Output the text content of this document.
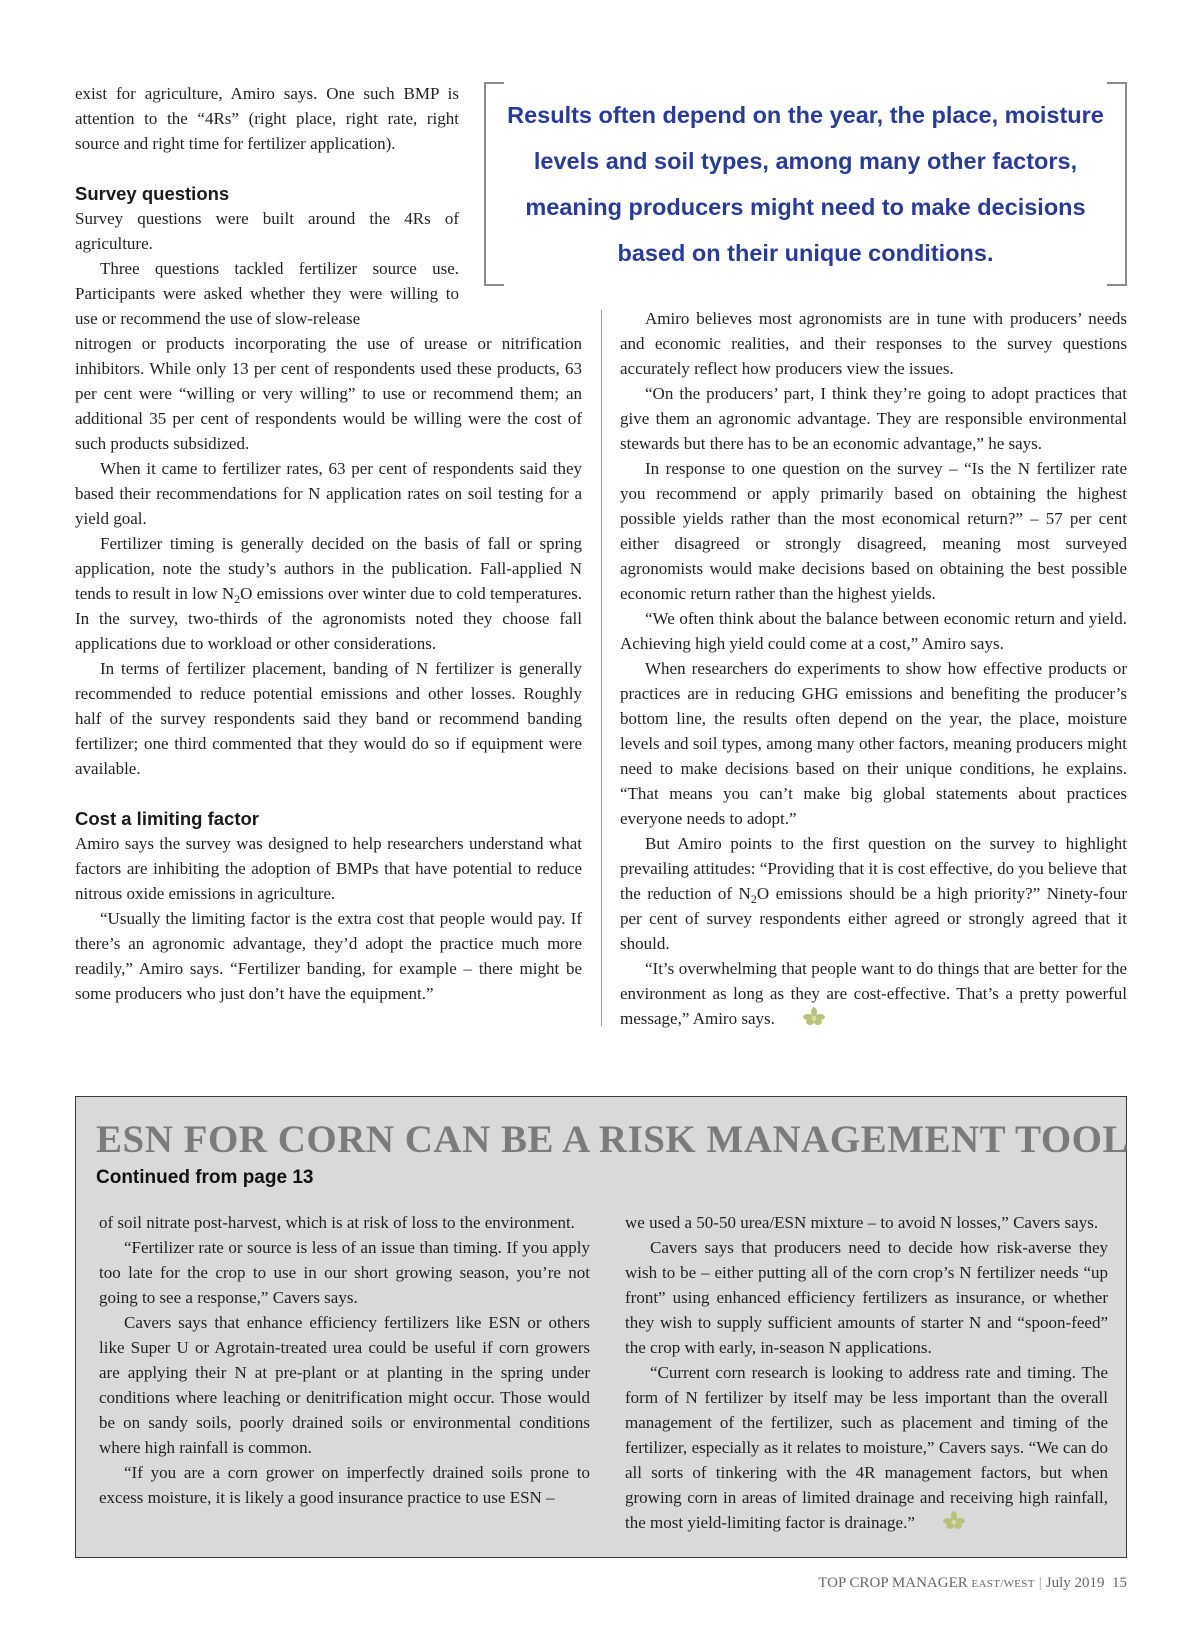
Results often depend on the year, the place, moisture levels and soil types, among many other factors, meaning producers might need to make decisions based on their unique conditions.

exist for agriculture, Amiro says. One such BMP is attention to the “4Rs” (right place, right rate, right source and right time for fertilizer application).

Survey questions

Survey questions were built around the 4Rs of agriculture.

Three questions tackled fertilizer source use. Participants were asked whether they were willing to use or recommend the use of slow-release

nitrogen or products incorporating the use of urease or nitrification inhibitors. While only 13 per cent of respondents used these products, 63 per cent were “willing or very willing” to use or recommend them; an additional 35 per cent of respondents would be willing were the cost of such products subsidized.

When it came to fertilizer rates, 63 per cent of respondents said they based their recommendations for N application rates on soil testing for a yield goal.

Fertilizer timing is generally decided on the basis of fall or spring application, note the study’s authors in the publication. Fall-applied N tends to result in low $N_2O$ emissions over winter due to cold temperatures. In the survey, two-thirds of the agronomists noted they choose fall applications due to workload or other considerations.

In terms of fertilizer placement, banding of N fertilizer is generally recommended to reduce potential emissions and other losses. Roughly half of the survey respondents said they band or recommend banding fertilizer; one third commented that they would do so if equipment were available.

Cost a limiting factor

Amiro says the survey was designed to help researchers understand what factors are inhibiting the adoption of BMPs that have potential to reduce nitrous oxide emissions in agriculture.

“Usually the limiting factor is the extra cost that people would pay. If there’s an agronomic advantage, they’d adopt the practice much more readily,” Amiro says. “Fertilizer banding, for example – there might be some producers who just don’t have the equipment.”

Amiro believes most agronomists are in tune with producers’ needs and economic realities, and their responses to the survey questions accurately reflect how producers view the issues.

“On the producers’ part, I think they’re going to adopt practices that give them an agronomic advantage. They are responsible environmental stewards but there has to be an economic advantage,” he says.

In response to one question on the survey – “Is the N fertilizer rate you recommend or apply primarily based on obtaining the highest possible yields rather than the most economical return?” – 57 per cent either disagreed or strongly disagreed, meaning most surveyed agronomists would make decisions based on obtaining the best possible economic return rather than the highest yields.

“We often think about the balance between economic return and yield. Achieving high yield could come at a cost,” Amiro says.

When researchers do experiments to show how effective products or practices are in reducing GHG emissions and benefiting the producer’s bottom line, the results often depend on the year, the place, moisture levels and soil types, among many other factors, meaning producers might need to make decisions based on their unique conditions, he explains. “That means you can’t make big global statements about practices everyone needs to adopt.”

But Amiro points to the first question on the survey to highlight prevailing attitudes: “Providing that it is cost effective, do you believe that the reduction of $N_2O$ emissions should be a high priority?” Ninety-four per cent of survey respondents either agreed or strongly agreed that it should.

“It’s overwhelming that people want to do things that are better for the environment as long as they are cost-effective. That’s a pretty powerful message,” Amiro says.

ESN FOR CORN CAN BE A RISK MANAGEMENT TOOL

Continued from page 13

of soil nitrate post-harvest, which is at risk of loss to the environment.

“Fertilizer rate or source is less of an issue than timing. If you apply too late for the crop to use in our short growing season, you’re not going to see a response,” Cavers says.

Cavers says that enhance efficiency fertilizers like ESN or others like Super U or Agrotain-treated urea could be useful if corn growers are applying their N at pre-plant or at planting in the spring under conditions where leaching or denitrification might occur. Those would be on sandy soils, poorly drained soils or environmental conditions where high rainfall is common.

“If you are a corn grower on imperfectly drained soils prone to excess moisture, it is likely a good insurance practice to use ESN –

we used a 50-50 urea/ESN mixture – to avoid N losses,” Cavers says.

Cavers says that producers need to decide how risk-averse they wish to be – either putting all of the corn crop’s N fertilizer needs “up front” using enhanced efficiency fertilizers as insurance, or whether they wish to supply sufficient amounts of starter N and “spoon-feed” the crop with early, in-season N applications.

“Current corn research is looking to address rate and timing. The form of N fertilizer by itself may be less important than the overall management of the fertilizer, such as placement and timing of the fertilizer, especially as it relates to moisture,” Cavers says. “We can do all sorts of tinkering with the 4R management factors, but when growing corn in areas of limited drainage and receiving high rainfall, the most yield-limiting factor is drainage.”

TOP CROP MANAGER EAST/WEST | July 2019 15
